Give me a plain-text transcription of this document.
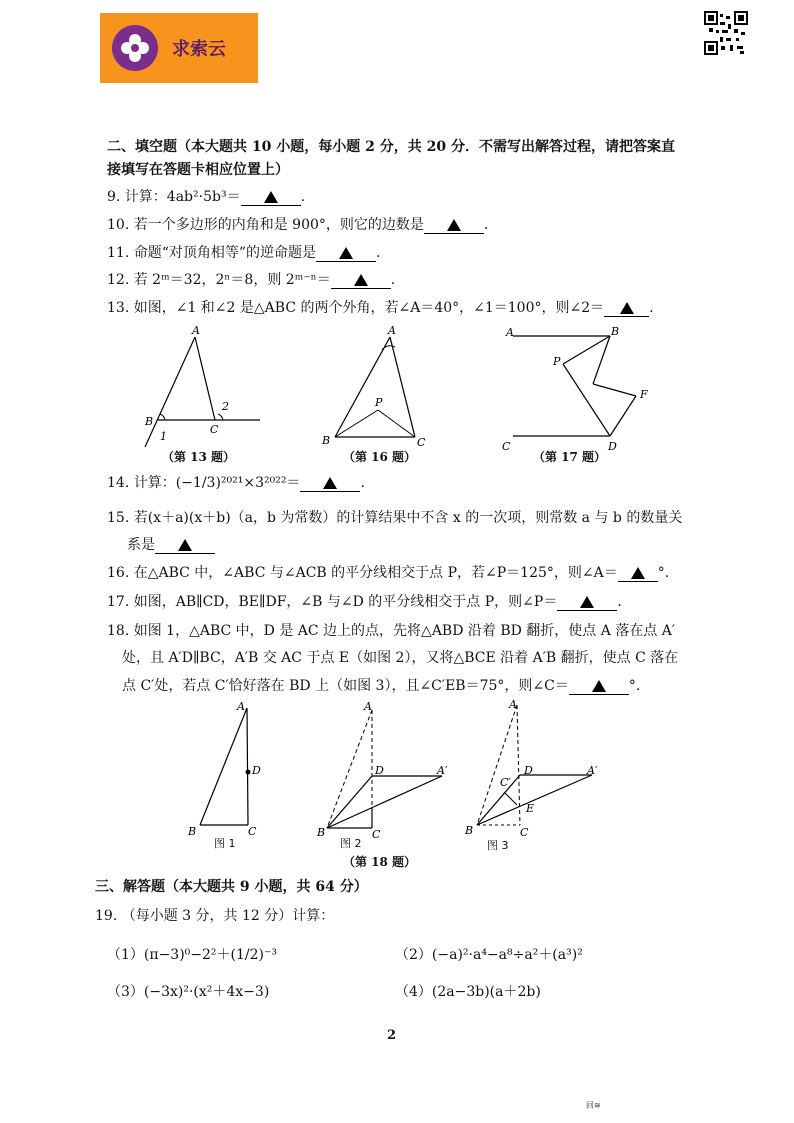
求索云
二、填空题（本大题共 10 小题，每小题 2 分，共 20 分．不需写出解答过程，请把答案直
接填写在答题卡相应位置上）
9. 计算：4ab²·5b³＝	.
10. 若一个多边形的内角和是 900°，则它的边数是	.
11. 命题“对顶角相等”的逆命题是	.
12. 若 2ᵐ＝32，2ⁿ＝8，则 2ᵐ⁻ⁿ＝	.
13. 如图，∠1 和∠2 是△ABC 的两个外角，若∠A＝40°，∠1＝100°，则∠2＝	.
A
B
C
1
2
（第 13 题）
A
B	C
P
（第 16 题）
A	B
P
F
C	D
（第 17 题）
14. 计算：(−1/3)²⁰²¹×3²⁰²²＝	.
15. 若(x＋a)(x＋b)（a，b 为常数）的计算结果中不含 x 的一次项，则常数 a 与 b 的数量关
系是
16. 在△ABC 中，∠ABC 与∠ACB 的平分线相交于点 P，若∠P＝125°，则∠A＝	°.
17. 如图，AB∥CD，BE∥DF，∠B 与∠D 的平分线相交于点 P，则∠P＝	.
18. 如图 1，△ABC 中，D 是 AC 边上的点，先将△ABD 沿着 BD 翻折，使点 A 落在点 A′
处，且 A′D∥BC，A′B 交 AC 于点 E（如图 2），又将△BCE 沿着 A′B 翻折，使点 C 落在
点 C′处，若点 C′恰好落在 BD 上（如图 3），且∠C′EB＝75°，则∠C＝	°.
A
D
B	C
图 1
A
D	A′
B	C
图 2
（第 18 题）
A
D	A′
C′
E
B	C
图 3
三、解答题（本大题共 9 小题，共 64 分）
19. （每小题 3 分，共 12 分）计算：
（1）(π−3)⁰−2²＋(1/2)⁻³	（2）(−a)²·a⁴−a⁸÷a²＋(a³)²
（3）(−3x)²·(x²＋4x−3)	（4）(2a−3b)(a＋2b)
2
回≋
